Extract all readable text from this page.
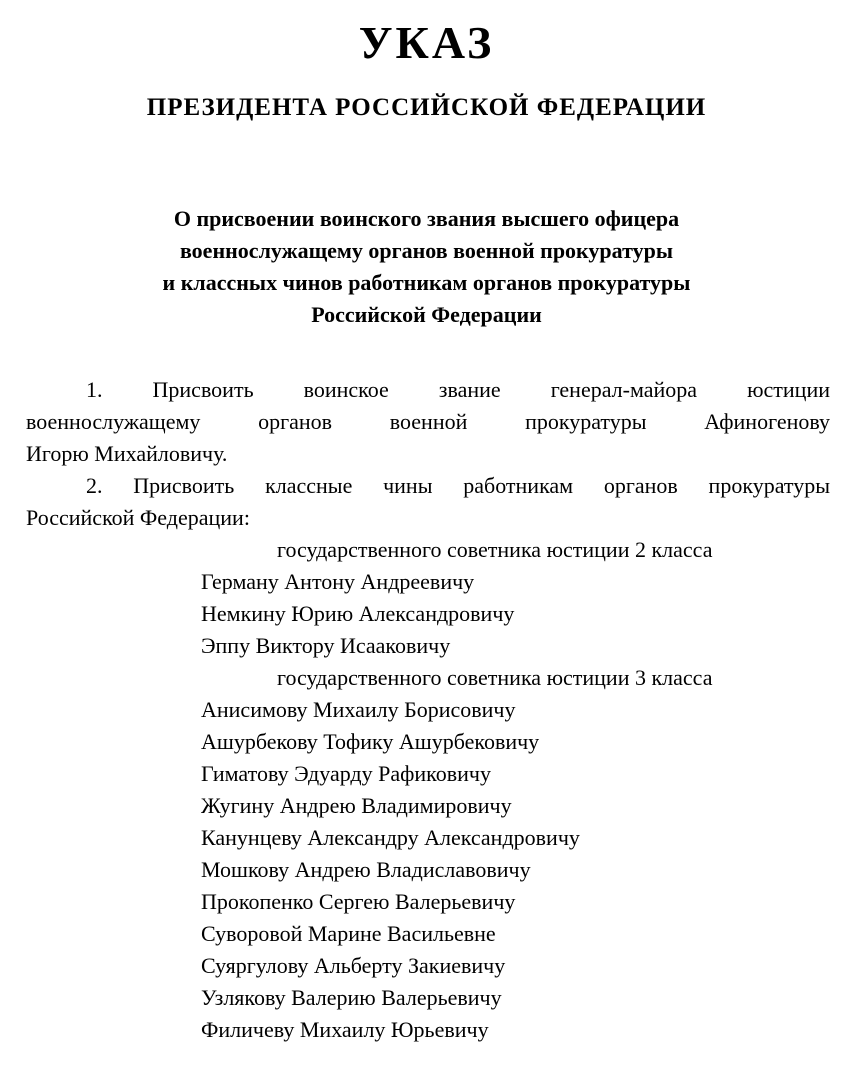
УКАЗ
ПРЕЗИДЕНТА РОССИЙСКОЙ ФЕДЕРАЦИИ
О присвоении воинского звания высшего офицера
военнослужащему органов военной прокуратуры
и классных чинов работникам органов прокуратуры
Российской Федерации
1. Присвоить воинское звание генерал-майора юстиции
военнослужащему органов военной прокуратуры Афиногенову
Игорю Михайловичу.
2. Присвоить классные чины работникам органов прокуратуры
Российской Федерации:
государственного советника юстиции 2 класса
Герману Антону Андреевичу
Немкину Юрию Александровичу
Эппу Виктору Исааковичу
государственного советника юстиции 3 класса
Анисимову Михаилу Борисовичу
Ашурбекову Тофику Ашурбековичу
Гиматову Эдуарду Рафиковичу
Жугину Андрею Владимировичу
Канунцеву Александру Александровичу
Мошкову Андрею Владиславовичу
Прокопенко Сергею Валерьевичу
Суворовой Марине Васильевне
Суяргулову Альберту Закиевичу
Узлякову Валерию Валерьевичу
Филичеву Михаилу Юрьевичу
